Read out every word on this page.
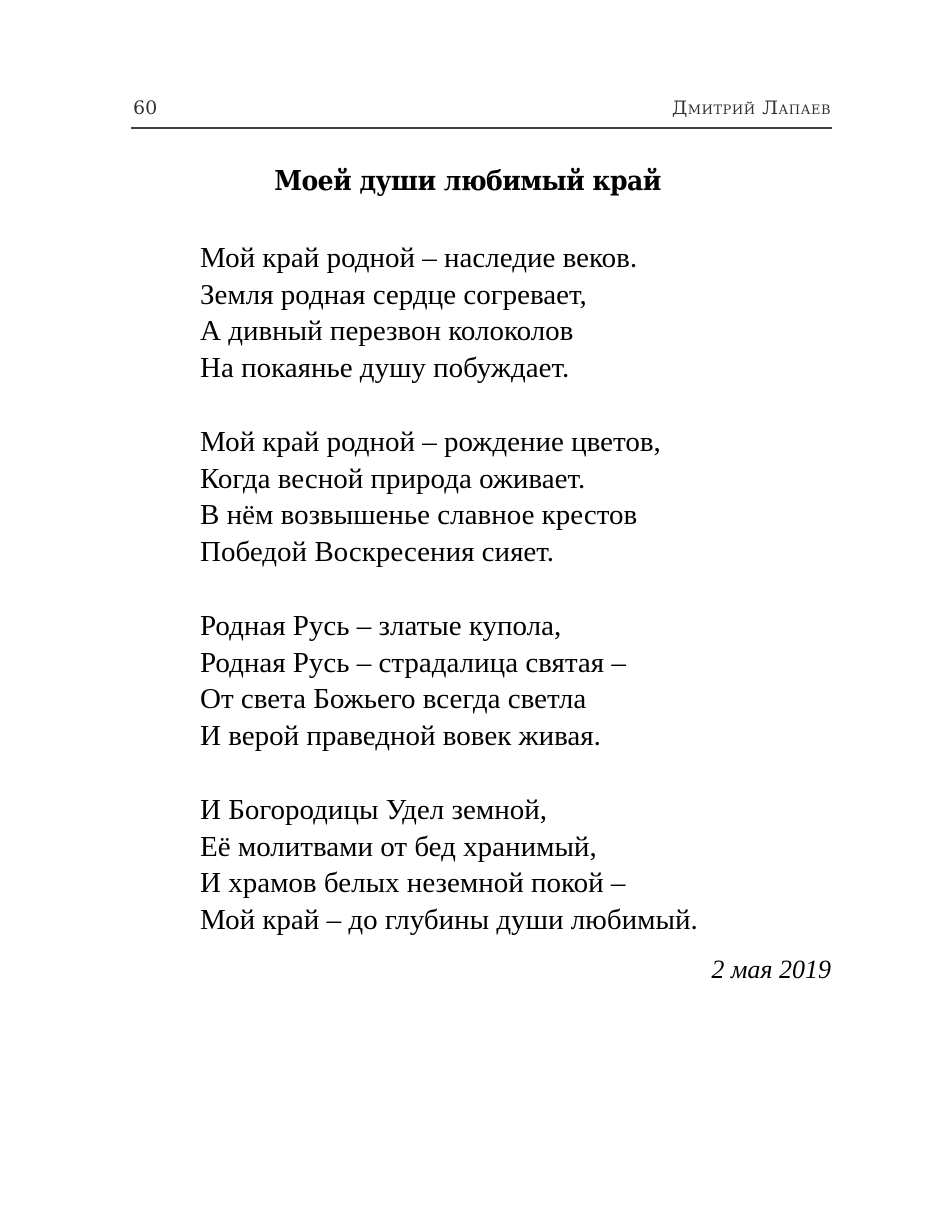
60	Дмитрий Лапаев
Моей души любимый край
Мой край родной – наследие веков.
Земля родная сердце согревает,
А дивный перезвон колоколов
На покаянье душу побуждает.
Мой край родной – рождение цветов,
Когда весной природа оживает.
В нём возвышенье славное крестов
Победой Воскресения сияет.
Родная Русь – златые купола,
Родная Русь – страдалица святая –
От света Божьего всегда светла
И верой праведной вовек живая.
И Богородицы Удел земной,
Её молитвами от бед хранимый,
И храмов белых неземной покой –
Мой край – до глубины души любимый.
2 мая 2019
